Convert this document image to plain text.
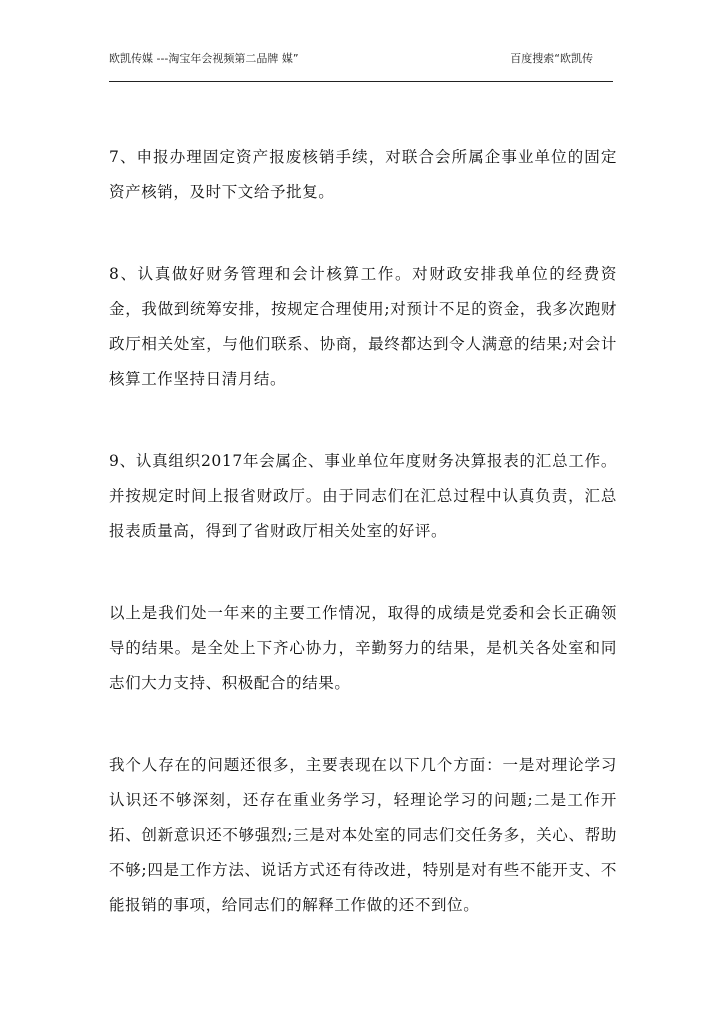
欧凯传媒 ---淘宝年会视频第二品牌 媒”	百度搜索“欧凯传

7、申报办理固定资产报废核销手续，对联合会所属企事业单位的固定资产核销，及时下文给予批复。

8、认真做好财务管理和会计核算工作。对财政安排我单位的经费资金，我做到统筹安排，按规定合理使用;对预计不足的资金，我多次跑财政厅相关处室，与他们联系、协商，最终都达到令人满意的结果;对会计核算工作坚持日清月结。

9、认真组织2017年会属企、事业单位年度财务决算报表的汇总工作。并按规定时间上报省财政厅。由于同志们在汇总过程中认真负责，汇总报表质量高，得到了省财政厅相关处室的好评。

以上是我们处一年来的主要工作情况，取得的成绩是党委和会长正确领导的结果。是全处上下齐心协力，辛勤努力的结果，是机关各处室和同志们大力支持、积极配合的结果。

我个人存在的问题还很多，主要表现在以下几个方面：一是对理论学习认识还不够深刻，还存在重业务学习，轻理论学习的问题;二是工作开拓、创新意识还不够强烈;三是对本处室的同志们交任务多，关心、帮助不够;四是工作方法、说话方式还有待改进，特别是对有些不能开支、不能报销的事项，给同志们的解释工作做的还不到位。
